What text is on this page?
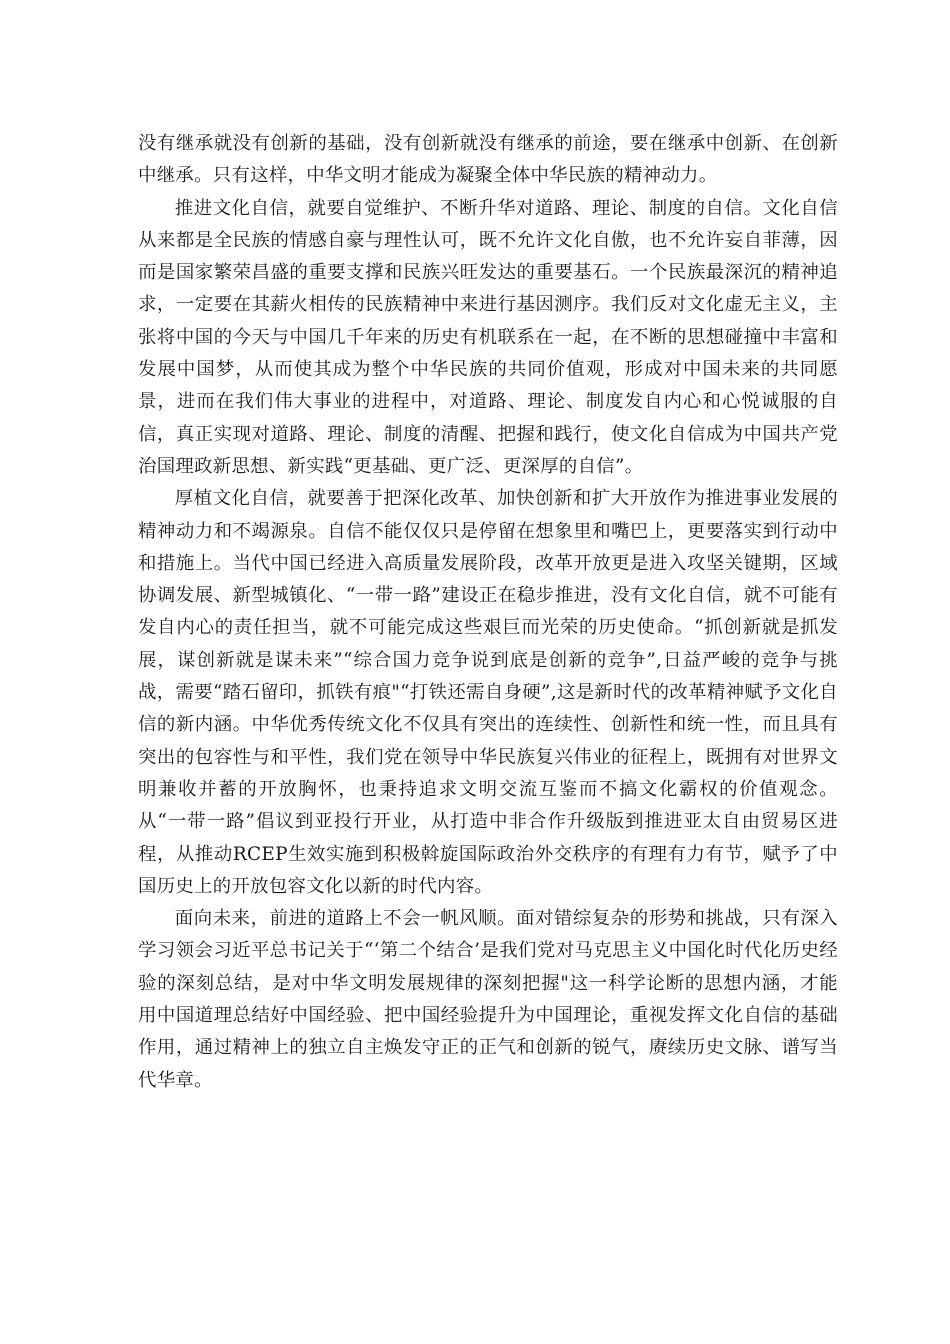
没有继承就没有创新的基础，没有创新就没有继承的前途，要在继承中创新、在创新中继承。只有这样，中华文明才能成为凝聚全体中华民族的精神动力。

推进文化自信，就要自觉维护、不断升华对道路、理论、制度的自信。文化自信从来都是全民族的情感自豪与理性认可，既不允许文化自傲，也不允许妄自菲薄，因而是国家繁荣昌盛的重要支撑和民族兴旺发达的重要基石。一个民族最深沉的精神追求，一定要在其薪火相传的民族精神中来进行基因测序。我们反对文化虚无主义，主张将中国的今天与中国几千年来的历史有机联系在一起，在不断的思想碰撞中丰富和发展中国梦，从而使其成为整个中华民族的共同价值观，形成对中国未来的共同愿景，进而在我们伟大事业的进程中，对道路、理论、制度发自内心和心悦诚服的自信，真正实现对道路、理论、制度的清醒、把握和践行，使文化自信成为中国共产党治国理政新思想、新实践“更基础、更广泛、更深厚的自信”。

厚植文化自信，就要善于把深化改革、加快创新和扩大开放作为推进事业发展的精神动力和不竭源泉。自信不能仅仅只是停留在想象里和嘴巴上，更要落实到行动中和措施上。当代中国已经进入高质量发展阶段，改革开放更是进入攻坚关键期，区域协调发展、新型城镇化、“一带一路”建设正在稳步推进，没有文化自信，就不可能有发自内心的责任担当，就不可能完成这些艰巨而光荣的历史使命。“抓创新就是抓发展，谋创新就是谋未来”“综合国力竞争说到底是创新的竞争”,日益严峻的竞争与挑战，需要“踏石留印，抓铁有痕"“打铁还需自身硬”,这是新时代的改革精神赋予文化自信的新内涵。中华优秀传统文化不仅具有突出的连续性、创新性和统一性，而且具有突出的包容性与和平性，我们党在领导中华民族复兴伟业的征程上，既拥有对世界文明兼收并蓄的开放胸怀，也秉持追求文明交流互鉴而不搞文化霸权的价值观念。从“一带一路”倡议到亚投行开业，从打造中非合作升级版到推进亚太自由贸易区进程，从推动RCEP生效实施到积极斡旋国际政治外交秩序的有理有力有节，赋予了中国历史上的开放包容文化以新的时代内容。

面向未来，前进的道路上不会一帆风顺。面对错综复杂的形势和挑战，只有深入学习领会习近平总书记关于“‘第二个结合’是我们党对马克思主义中国化时代化历史经验的深刻总结，是对中华文明发展规律的深刻把握"这一科学论断的思想内涵，才能用中国道理总结好中国经验、把中国经验提升为中国理论，重视发挥文化自信的基础作用，通过精神上的独立自主焕发守正的正气和创新的锐气，赓续历史文脉、谱写当代华章。
